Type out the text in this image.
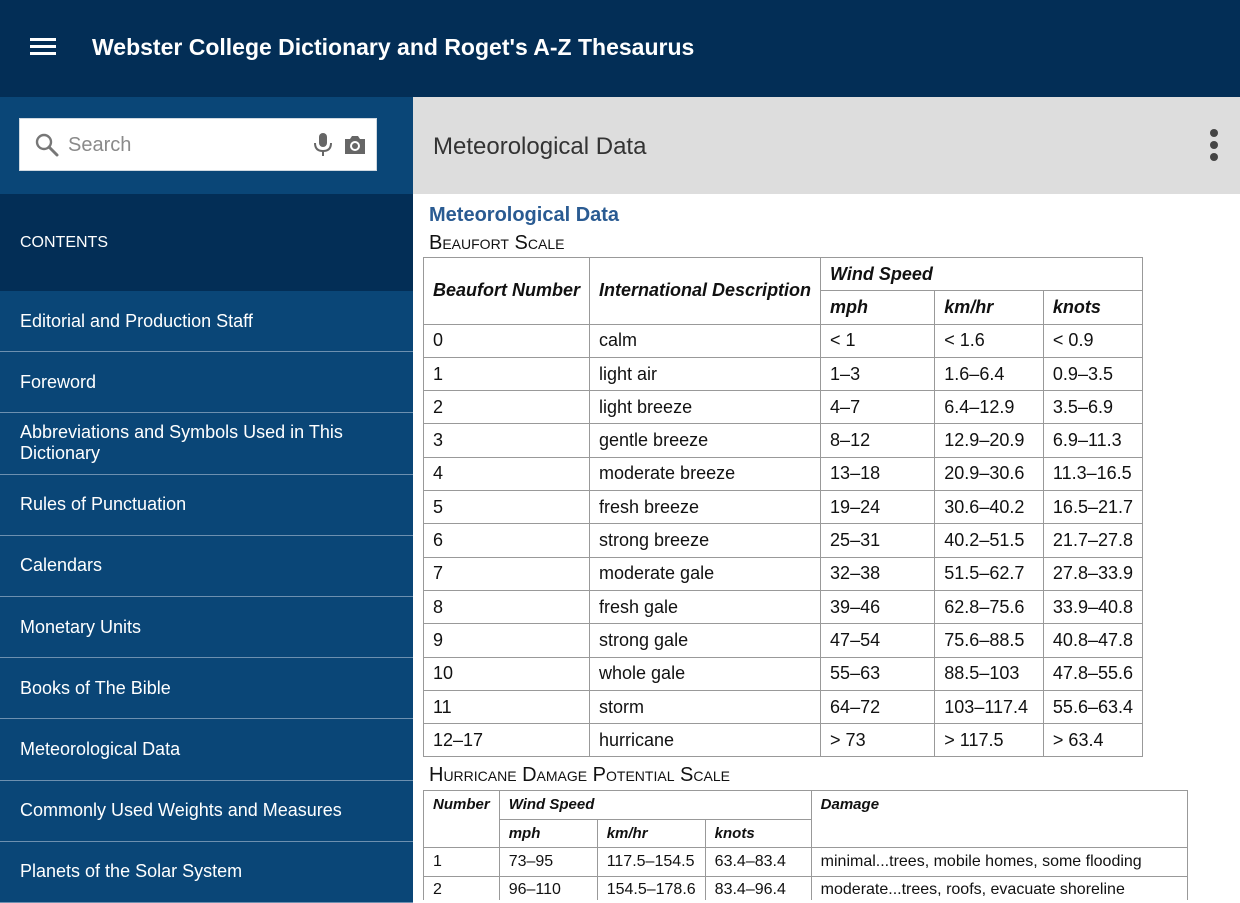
Webster College Dictionary and Roget's A-Z Thesaurus
Search
CONTENTS
Editorial and Production Staff
Foreword
Abbreviations and Symbols Used in This Dictionary
Rules of Punctuation
Calendars
Monetary Units
Books of The Bible
Meteorological Data
Commonly Used Weights and Measures
Planets of the Solar System
Meteorological Data
Meteorological Data
Beaufort Scale
Beaufort Number	International Description	Wind Speed		
		mph	km/hr	knots
0	calm	< 1	< 1.6	< 0.9
1	light air	1–3	1.6–6.4	0.9–3.5
2	light breeze	4–7	6.4–12.9	3.5–6.9
3	gentle breeze	8–12	12.9–20.9	6.9–11.3
4	moderate breeze	13–18	20.9–30.6	11.3–16.5
5	fresh breeze	19–24	30.6–40.2	16.5–21.7
6	strong breeze	25–31	40.2–51.5	21.7–27.8
7	moderate gale	32–38	51.5–62.7	27.8–33.9
8	fresh gale	39–46	62.8–75.6	33.9–40.8
9	strong gale	47–54	75.6–88.5	40.8–47.8
10	whole gale	55–63	88.5–103	47.8–55.6
11	storm	64–72	103–117.4	55.6–63.4
12–17	hurricane	> 73	> 117.5	> 63.4
Hurricane Damage Potential Scale
Number	Wind Speed			Damage
	mph	km/hr	knots	
1	73–95	117.5–154.5	63.4–83.4	minimal...trees, mobile homes, some flooding
2	96–110	154.5–178.6	83.4–96.4	moderate...trees, roofs, evacuate shoreline
